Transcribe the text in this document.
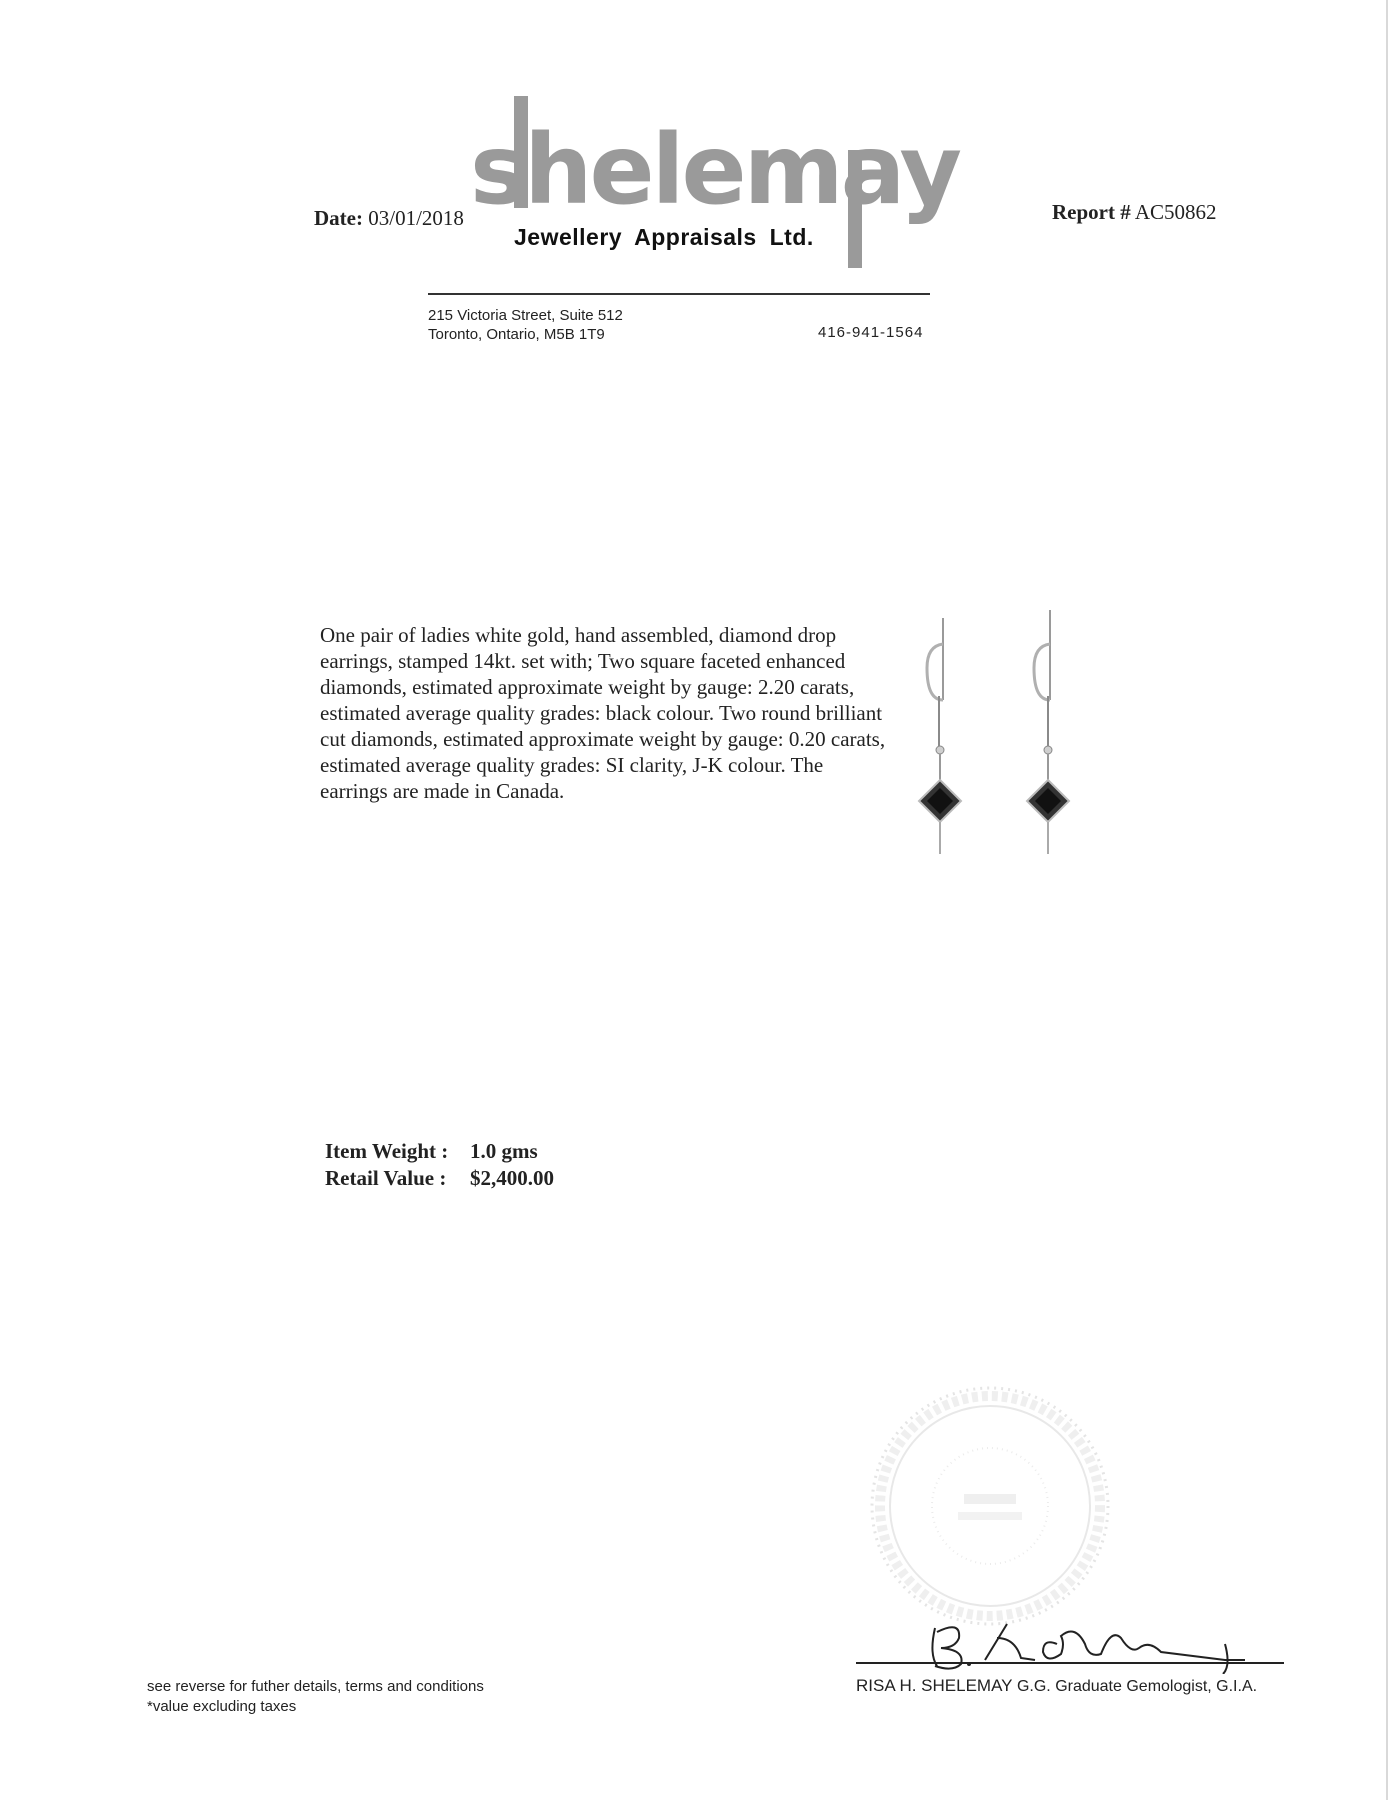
Date: 03/01/2018 shelemay
Jewellery Appraisals Ltd.
Report # AC50862
215 Victoria Street, Suite 512
Toronto, Ontario, M5B 1T9	416-941-1564
One pair of ladies white gold, hand assembled, diamond drop earrings, stamped 14kt. set with; Two square faceted enhanced diamonds, estimated approximate weight by gauge: 2.20 carats, estimated average quality grades: black colour. Two round brilliant cut diamonds, estimated approximate weight by gauge: 0.20 carats, estimated average quality grades: SI clarity, J-K colour. The earrings are made in Canada.
Item Weight : 1.0 gms
Retail Value : $2,400.00
RISA H. SHELEMAY G.G. Graduate Gemologist, G.I.A.
see reverse for futher details, terms and conditions
*value excluding taxes
